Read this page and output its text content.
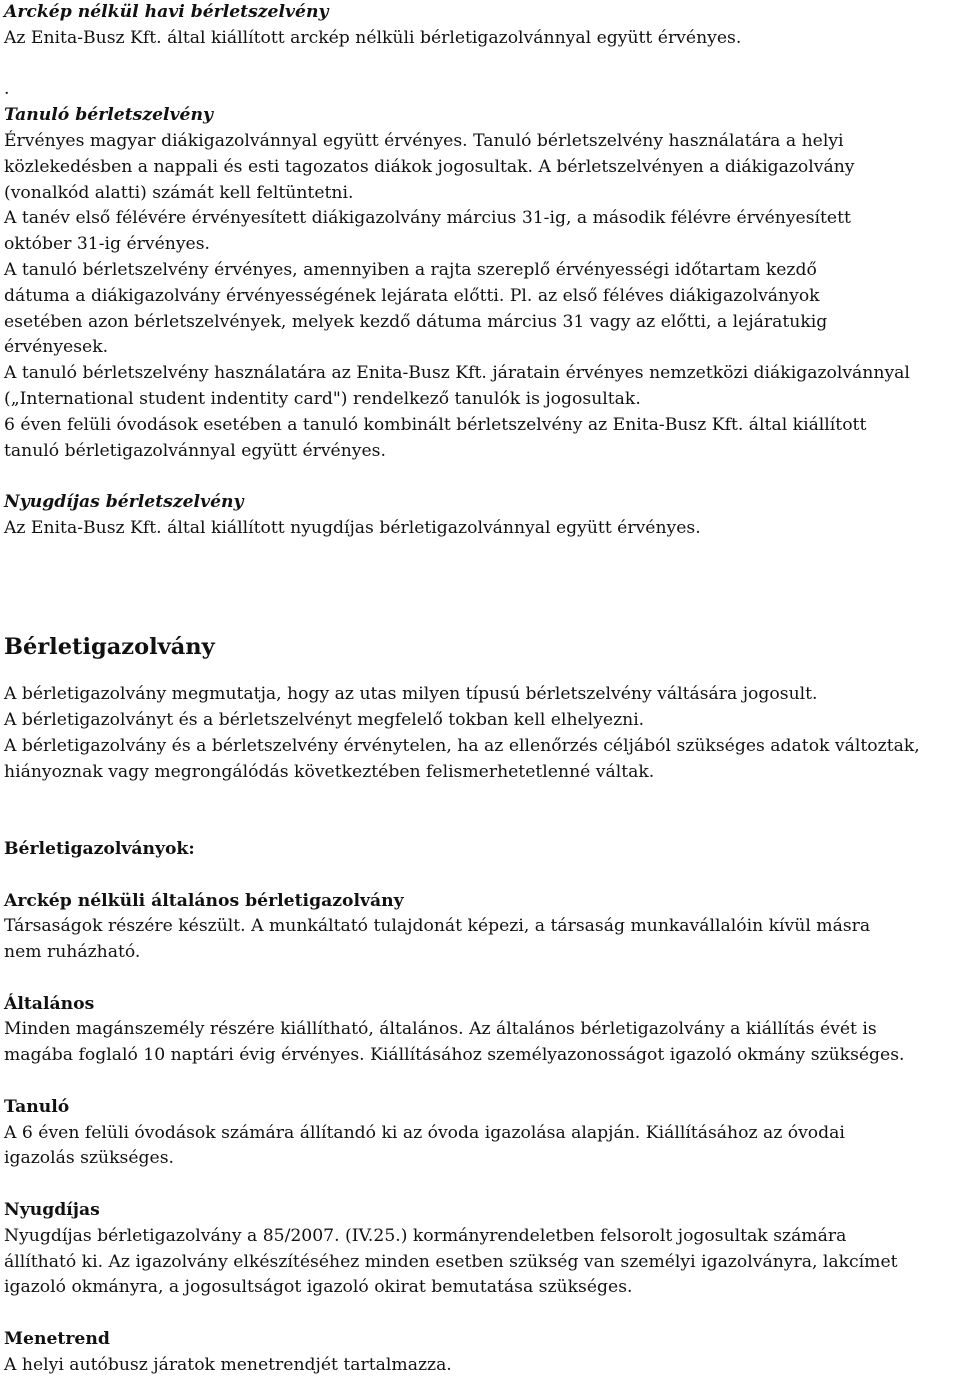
Arckép nélkül havi bérletszelvény
Az Enita-Busz Kft. által kiállított arckép nélküli bérletigazolvánnyal együtt érvényes.
.
Tanuló bérletszelvény
Érvényes magyar diákigazolvánnyal együtt érvényes. Tanuló bérletszelvény használatára a helyi
közlekedésben a nappali és esti tagozatos diákok jogosultak. A bérletszelvényen a diákigazolvány
(vonalkód alatti) számát kell feltüntetni.
A tanév első félévére érvényesített diákigazolvány március 31-ig, a második félévre érvényesített
október 31-ig érvényes.
A tanuló bérletszelvény érvényes, amennyiben a rajta szereplő érvényességi időtartam kezdő
dátuma a diákigazolvány érvényességének lejárata előtti. Pl. az első féléves diákigazolványok
esetében azon bérletszelvények, melyek kezdő dátuma március 31 vagy az előtti, a lejáratukig
érvényesek.
A tanuló bérletszelvény használatára az Enita-Busz Kft. járatain érvényes nemzetközi diákigazolvánnyal
(„International student indentity card") rendelkező tanulók is jogosultak.
6 éven felüli óvodások esetében a tanuló kombinált bérletszelvény az Enita-Busz Kft. által kiállított
tanuló bérletigazolvánnyal együtt érvényes.
Nyugdíjas bérletszelvény
Az Enita-Busz Kft. által kiállított nyugdíjas bérletigazolvánnyal együtt érvényes.
Bérletigazolvány
A bérletigazolvány megmutatja, hogy az utas milyen típusú bérletszelvény váltására jogosult.
A bérletigazolványt és a bérletszelvényt megfelelő tokban kell elhelyezni.
A bérletigazolvány és a bérletszelvény érvénytelen, ha az ellenőrzés céljából szükséges adatok változtak,
hiányoznak vagy megrongálódás következtében felismerhetetlenné váltak.
Bérletigazolványok:
Arckép nélküli általános bérletigazolvány
Társaságok részére készült. A munkáltató tulajdonát képezi, a társaság munkavállalóin kívül másra
nem ruházható.
Általános
Minden magánszemély részére kiállítható, általános. Az általános bérletigazolvány a kiállítás évét is
magába foglaló 10 naptári évig érvényes. Kiállításához személyazonosságot igazoló okmány szükséges.
Tanuló
A 6 éven felüli óvodások számára állítandó ki az óvoda igazolása alapján. Kiállításához az óvodai
igazolás szükséges.
Nyugdíjas
Nyugdíjas bérletigazolvány a 85/2007. (IV.25.) kormányrendeletben felsorolt jogosultak számára
állítható ki. Az igazolvány elkészítéséhez minden esetben szükség van személyi igazolványra, lakcímet
igazoló okmányra, a jogosultságot igazoló okirat bemutatása szükséges.
Menetrend
A helyi autóbusz járatok menetrendjét tartalmazza.
